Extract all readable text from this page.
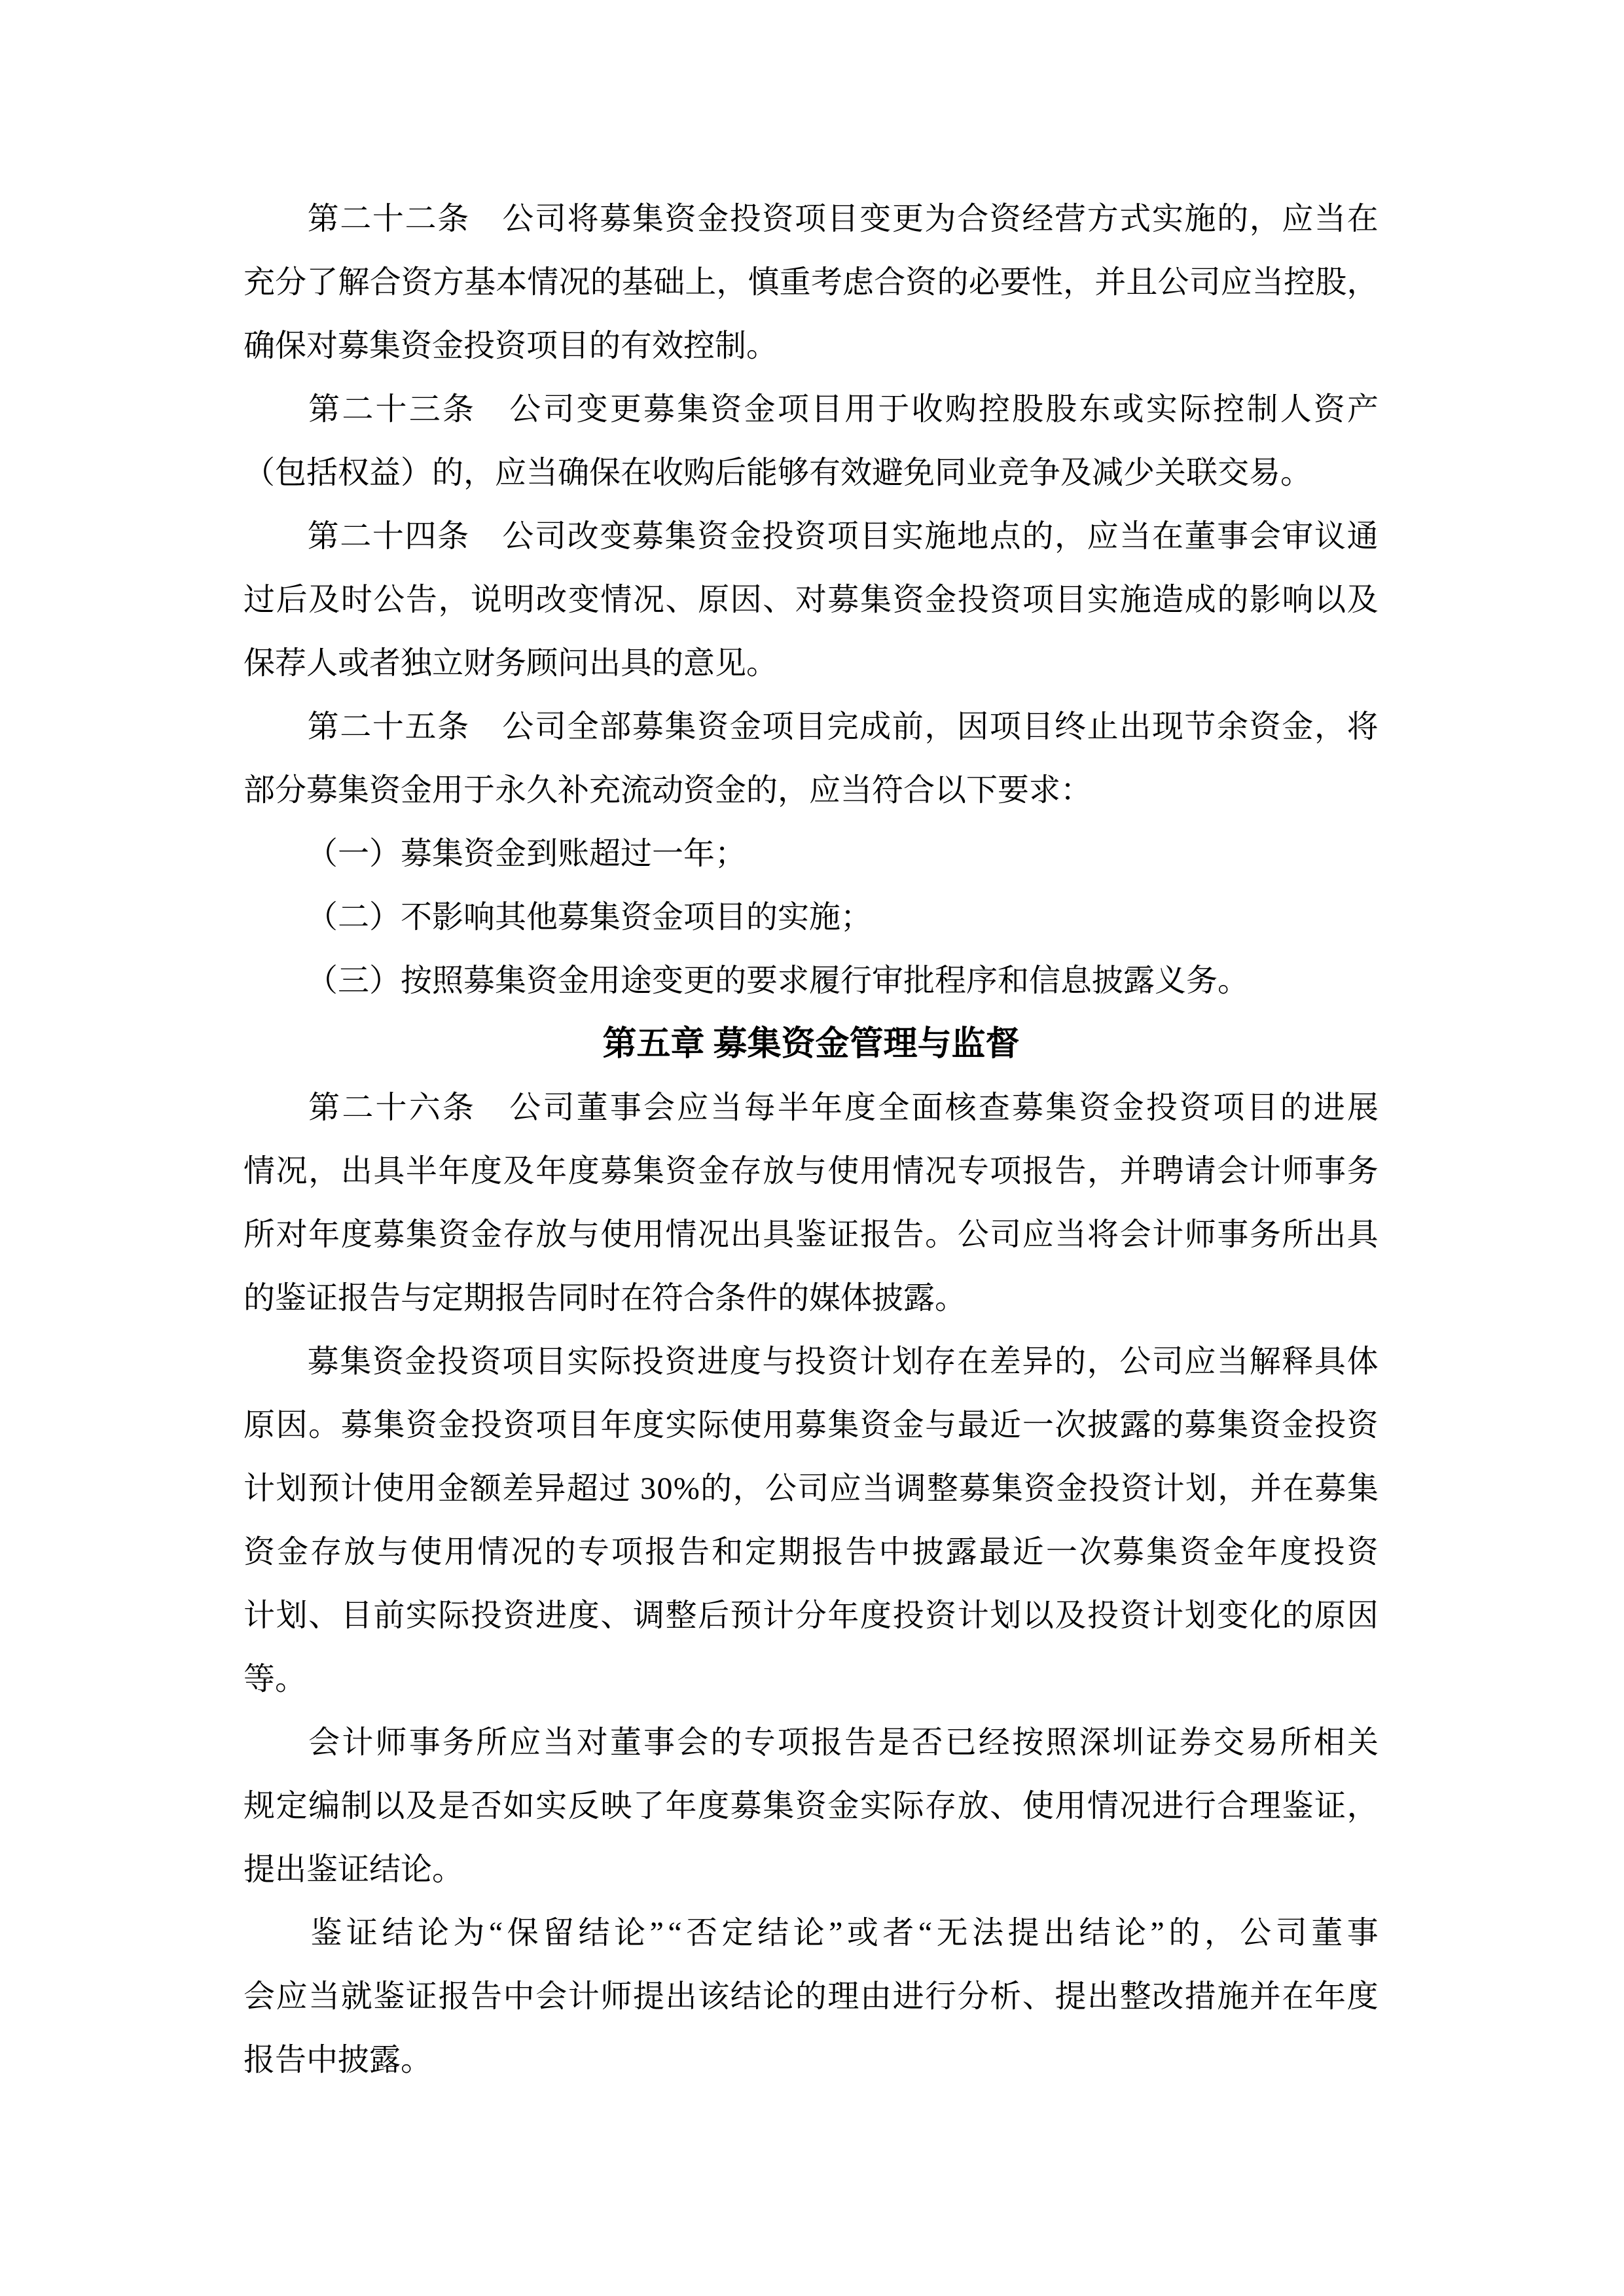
第 二 十 二 条
　 公 司 将 募 集 资 金 投 资 项 目 变 更 为 合 资 经 营 方 式 实 施 的 ， 应 当 在
充 分 了 解 合 资 方 基 本 情 况 的 基 础 上 ， 慎 重 考 虑 合 资 的 必 要 性 ， 并 且 公 司 应 当 控 股 ，
确保对募集资金投资项目的有效控制。
第 二 十 三 条
　 公 司 变 更 募 集 资 金 项 目 用 于 收 购 控 股 股 东 或 实 际 控 制 人 资 产
（包括权益）的，应当确保在收购后能够有效避免同业竞争及减少关联交易。
第 二 十 四 条
　 公 司 改 变 募 集 资 金 投 资 项 目 实 施 地 点 的 ， 应 当 在 董 事 会 审 议 通
过 后 及 时 公 告 ， 说 明 改 变 情 况 、 原 因 、 对 募 集 资 金 投 资 项 目 实 施 造 成 的 影 响 以 及
保荐人或者独立财务顾问出具的意见。
第 二 十 五 条
　 公 司 全 部 募 集 资 金 项 目 完 成 前 ， 因 项 目 终 止 出 现 节 余 资 金 ， 将
部分募集资金用于永久补充流动资金的，应当符合以下要求：
（一）募集资金到账超过一年；
（二）不影响其他募集资金项目的实施；
（三）按照募集资金用途变更的要求履行审批程序和信息披露义务。
第五章 募集资金管理与监督
第 二 十 六 条
　 公 司 董 事 会 应 当 每 半 年 度 全 面 核 查 募 集 资 金 投 资 项 目 的 进 展
情 况 ， 出 具 半 年 度 及 年 度 募 集 资 金 存 放 与 使 用 情 况 专 项 报 告 ， 并 聘 请 会 计 师 事 务
所 对 年 度 募 集 资 金 存 放 与 使 用 情 况 出 具 鉴 证 报 告 。 公 司 应 当 将 会 计 师 事 务 所 出 具
的鉴证报告与定期报告同时在符合条件的媒体披露。
募 集 资 金 投 资 项 目 实 际 投 资 进 度 与 投 资 计 划 存 在 差 异 的 ， 公 司 应 当 解 释 具 体
原 因 。 募 集 资 金 投 资 项 目 年 度 实 际 使 用 募 集 资 金 与 最 近 一 次 披 露 的 募 集 资 金 投 资
计 划 预 计 使 用 金 额 差 异 超 过
3 0 % 的 ， 公 司 应 当 调 整 募 集 资 金 投 资 计 划 ， 并 在 募 集
资 金 存 放 与 使 用 情 况 的 专 项 报 告 和 定 期 报 告 中 披 露 最 近 一 次 募 集 资 金 年 度 投 资
计 划 、 目 前 实 际 投 资 进 度 、 调 整 后 预 计 分 年 度 投 资 计 划 以 及 投 资 计 划 变 化 的 原 因
等。
会 计 师 事 务 所 应 当 对 董 事 会 的 专 项 报 告 是 否 已 经 按 照 深 圳 证 券 交 易 所 相 关
规 定 编 制 以 及 是 否 如 实 反 映 了 年 度 募 集 资 金 实 际 存 放 、 使 用 情 况 进 行 合 理 鉴 证 ，
提出鉴证结论。
鉴 证 结 论 为 “ 保 留 结 论 ” “ 否 定 结 论 ” 或 者 “ 无 法 提 出 结 论 ” 的 ， 公 司 董 事
会 应 当 就 鉴 证 报 告 中 会 计 师 提 出 该 结 论 的 理 由 进 行 分 析 、 提 出 整 改 措 施 并 在 年 度
报告中披露。
